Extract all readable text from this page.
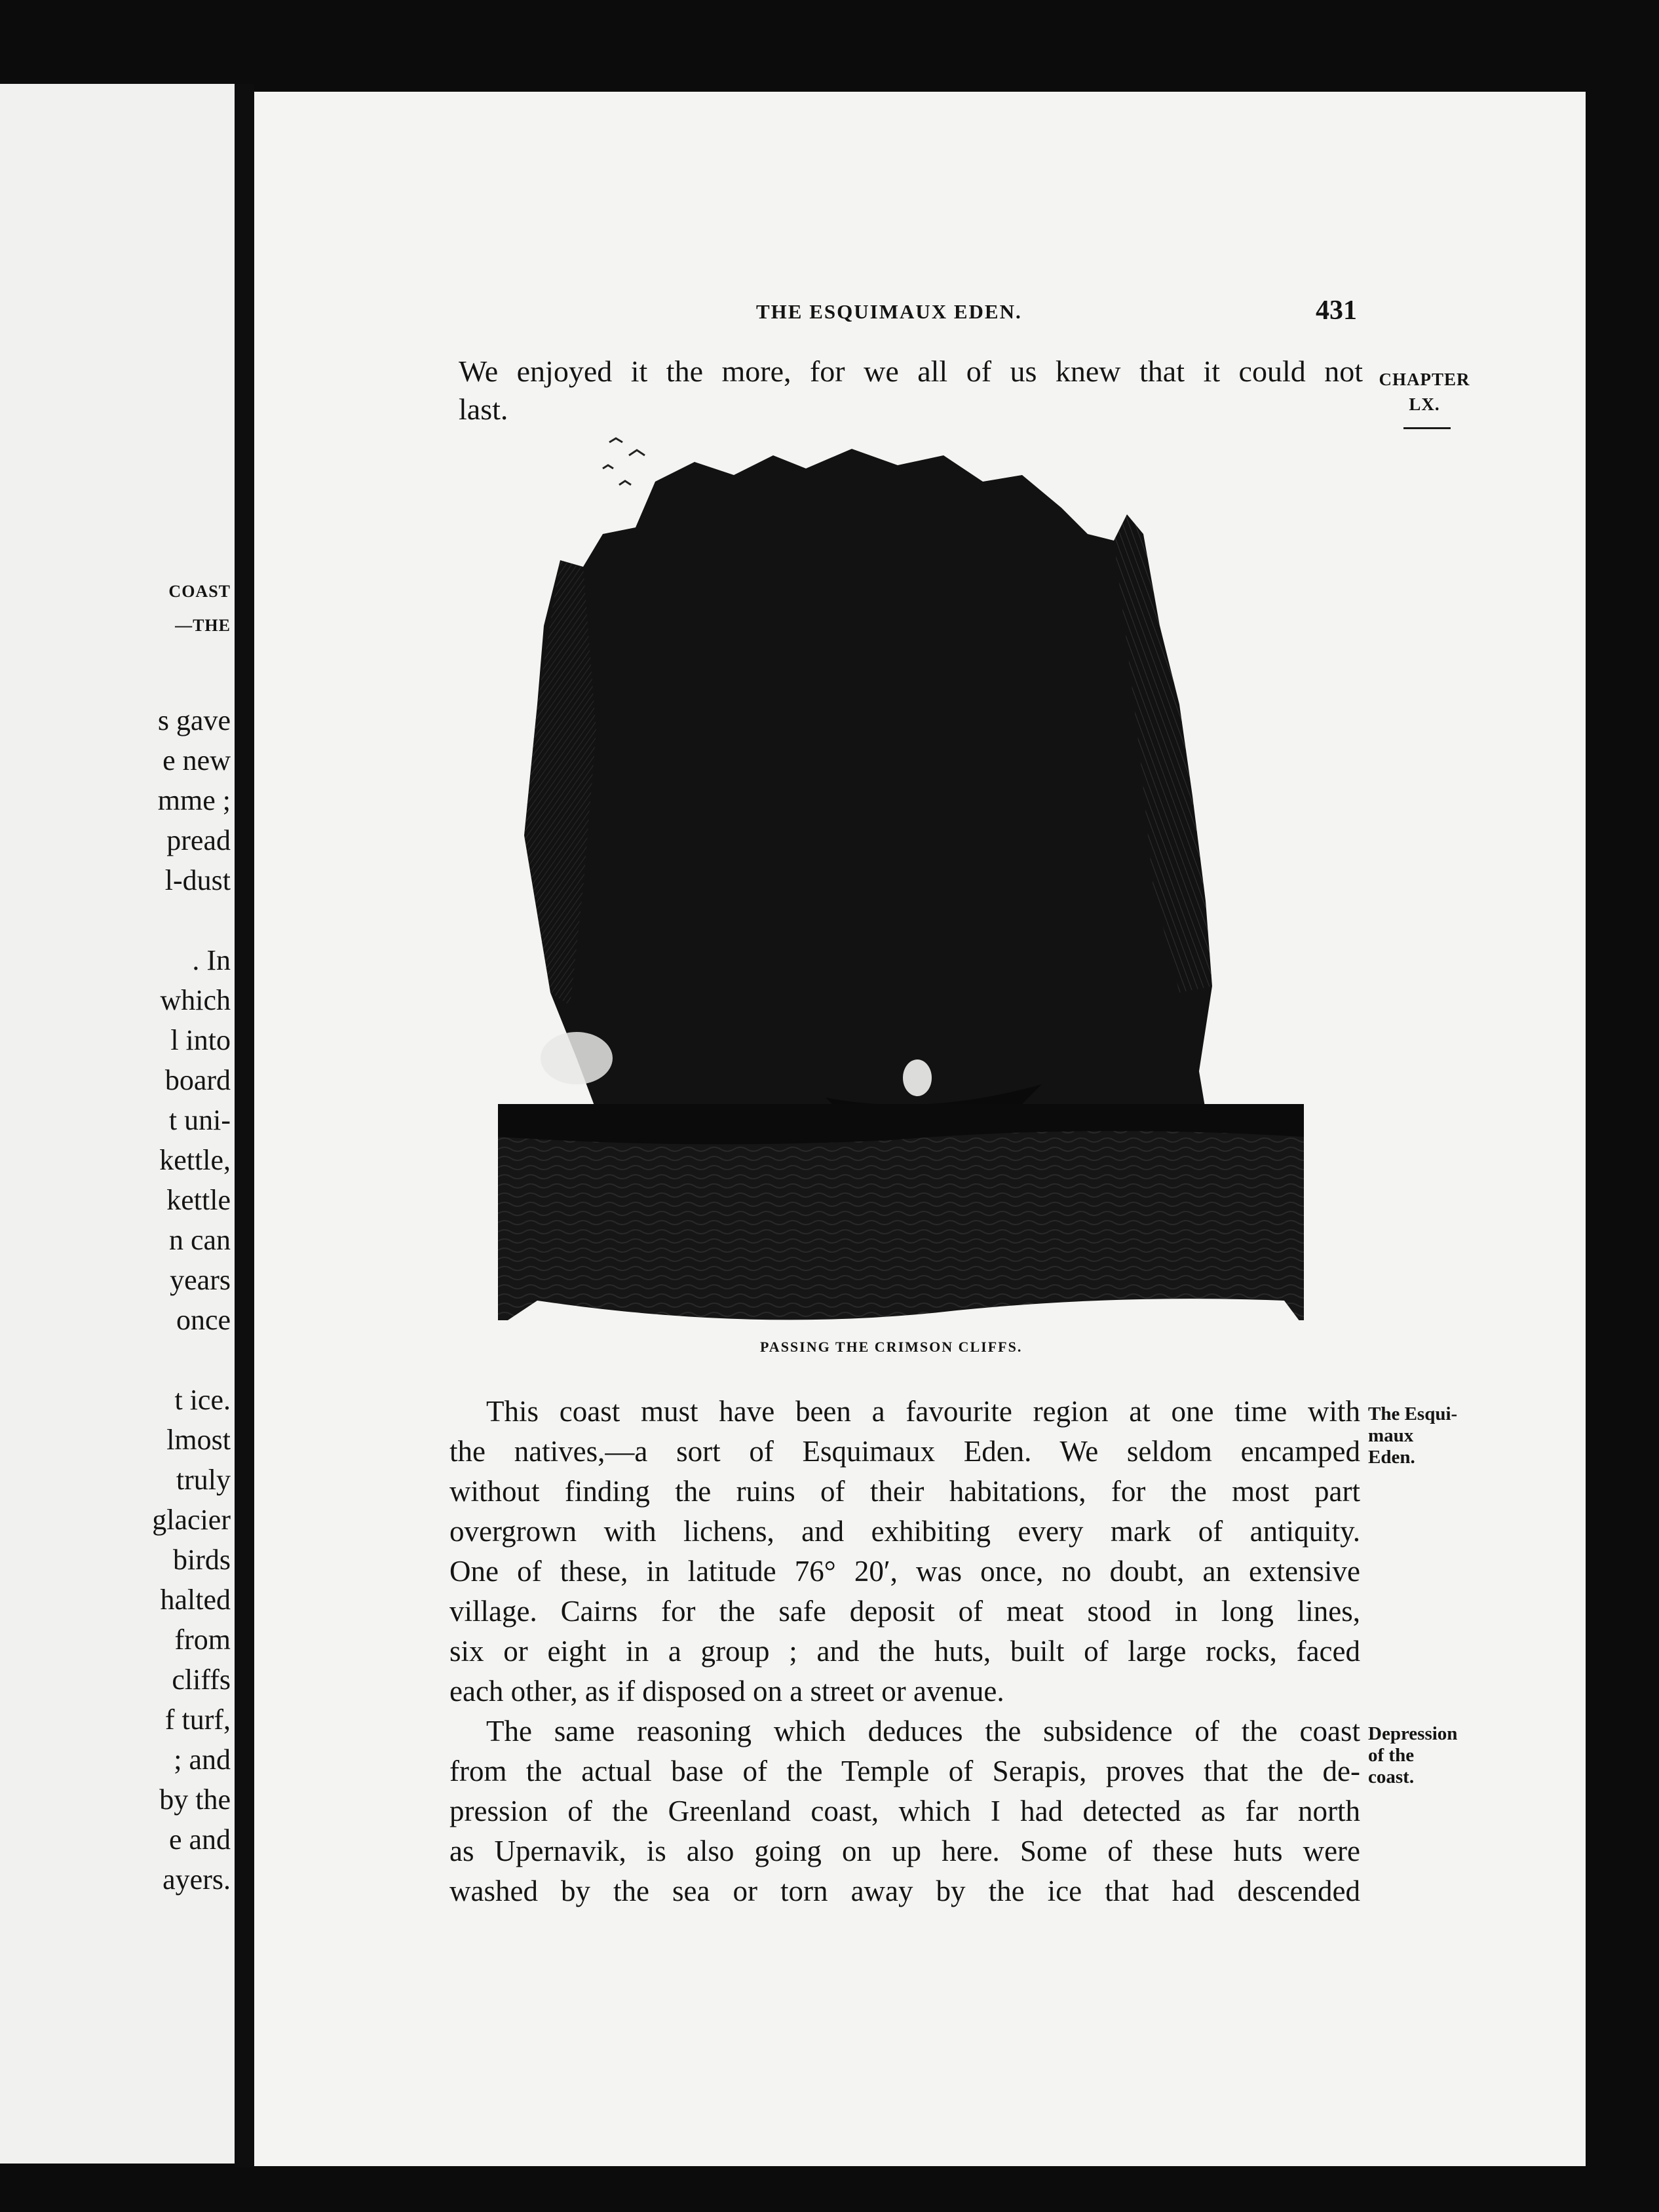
COAST

—THE

s gave

e new

mme ;

pread

l-dust

. In

which

l into

board

t uni-

kettle,

kettle

n can

years

once

t ice.

lmost

truly

glacier

birds

halted

from

cliffs

f turf,

; and

by the

e and

ayers.

THE ESQUIMAUX EDEN.	431

CHAPTER
LX.

We enjoyed it the more, for we all of us knew that it could not

last.

PASSING THE CRIMSON CLIFFS.

This coast must have been a favourite region at one time with

the natives,—a sort of Esquimaux Eden. We seldom encamped

without finding the ruins of their habitations, for the most part

overgrown with lichens, and exhibiting every mark of antiquity.

One of these, in latitude 76° 20′, was once, no doubt, an extensive

village. Cairns for the safe deposit of meat stood in long lines,

six or eight in a group ; and the huts, built of large rocks, faced

each other, as if disposed on a street or avenue.

The same reasoning which deduces the subsidence of the coast

from the actual base of the Temple of Serapis, proves that the de-

pression of the Greenland coast, which I had detected as far north

as Upernavik, is also going on up here. Some of these huts were

washed by the sea or torn away by the ice that had descended

The Esqui-
maux
Eden.

Depression
of the
coast.
